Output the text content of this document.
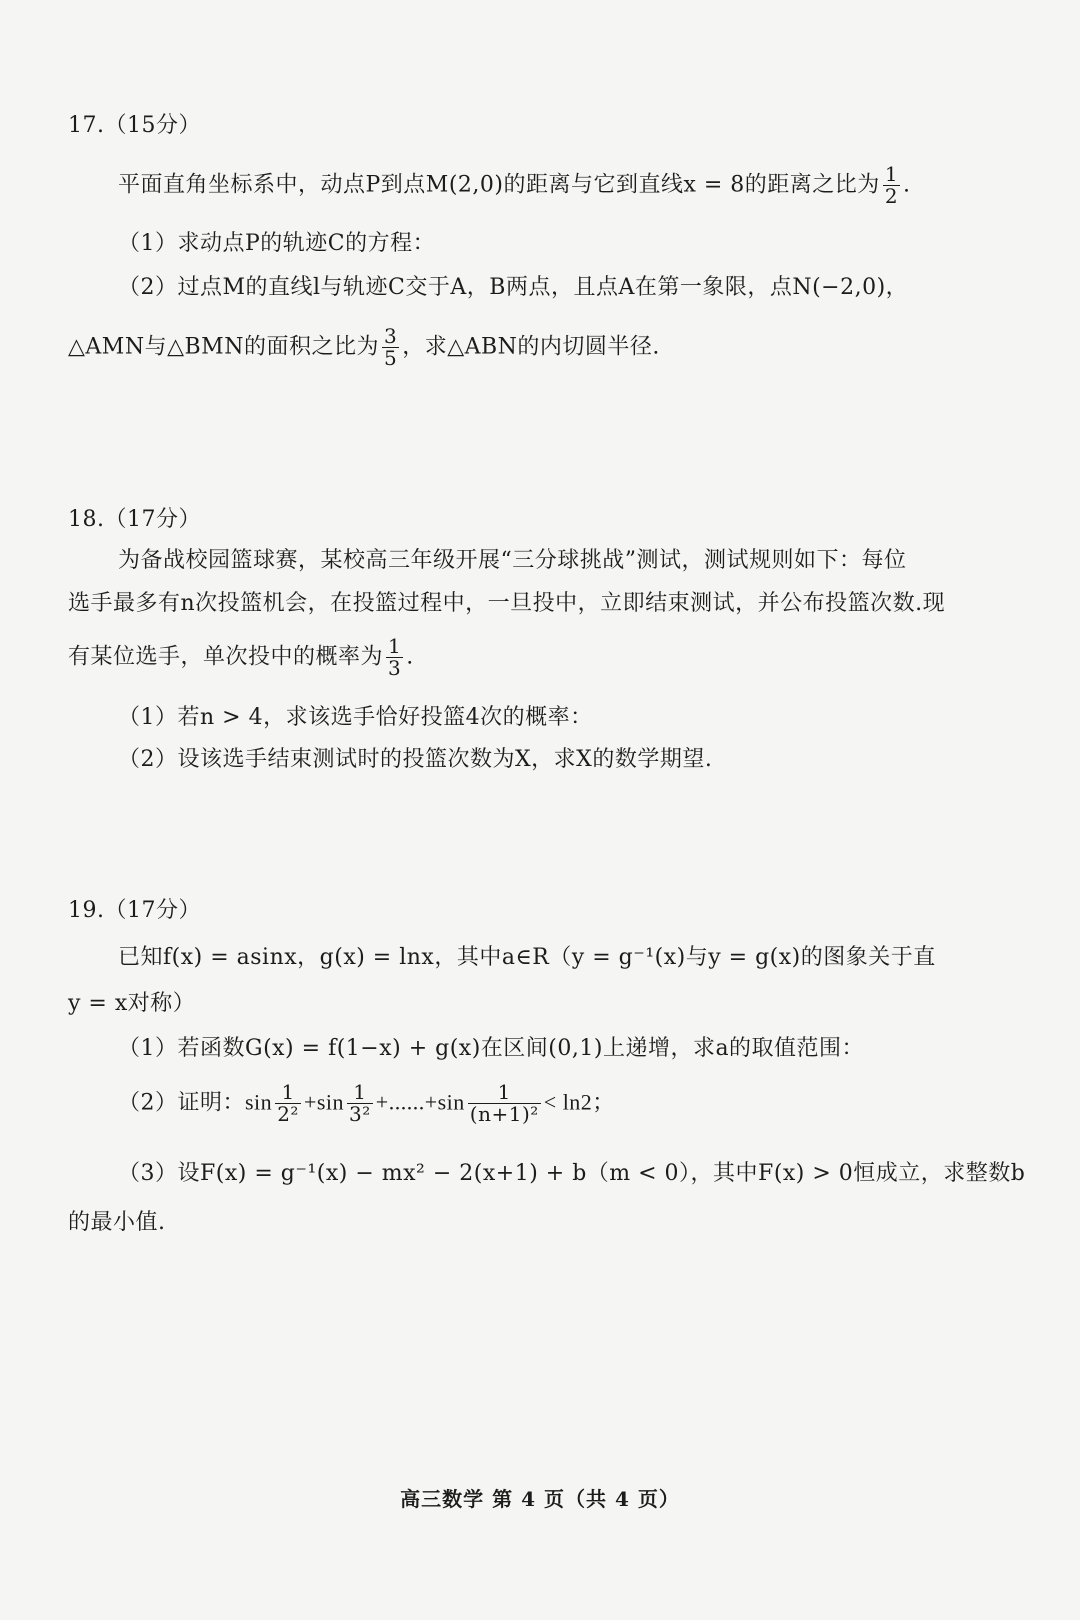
17.（15分）
平面直角坐标系中，动点P到点M(2,0)的距离与它到直线x = 8的距离之比为 $\frac{1}{2}$ .
（1）求动点P的轨迹C的方程：
（2）过点M的直线l与轨迹C交于A，B两点，且点A在第一象限，点N(−2,0)，
△AMN与△BMN的面积之比为 $\frac{3}{5}$ ，求△ABN的内切圆半径.
18.（17分）
为备战校园篮球赛，某校高三年级开展“三分球挑战”测试，测试规则如下：每位
选手最多有n次投篮机会，在投篮过程中，一旦投中，立即结束测试，并公布投篮次数.现
有某位选手，单次投中的概率为 $\frac{1}{3}$ .
（1）若n > 4，求该选手恰好投篮4次的概率：
（2）设该选手结束测试时的投篮次数为X，求X的数学期望.
19.（17分）
已知f(x) = asinx，g(x) = lnx，其中a∈R（y = g⁻¹(x)与y = g(x)的图象关于直
y = x对称）
（1）若函数G(x) = f(1−x) + g(x)在区间(0,1)上递增，求a的取值范围：
（2）证明：$\sin \frac{1}{\text{2²}} +\sin \frac{1}{\text{3²}} +......+\sin \frac{1}{\text{(n+1)²}} < \ln 2$；
（3）设F(x) = g⁻¹(x) − mx² − 2(x+1) + b（m < 0），其中F(x) > 0恒成立，求整数b
的最小值.
高三数学 第 4 页（共 4 页）
